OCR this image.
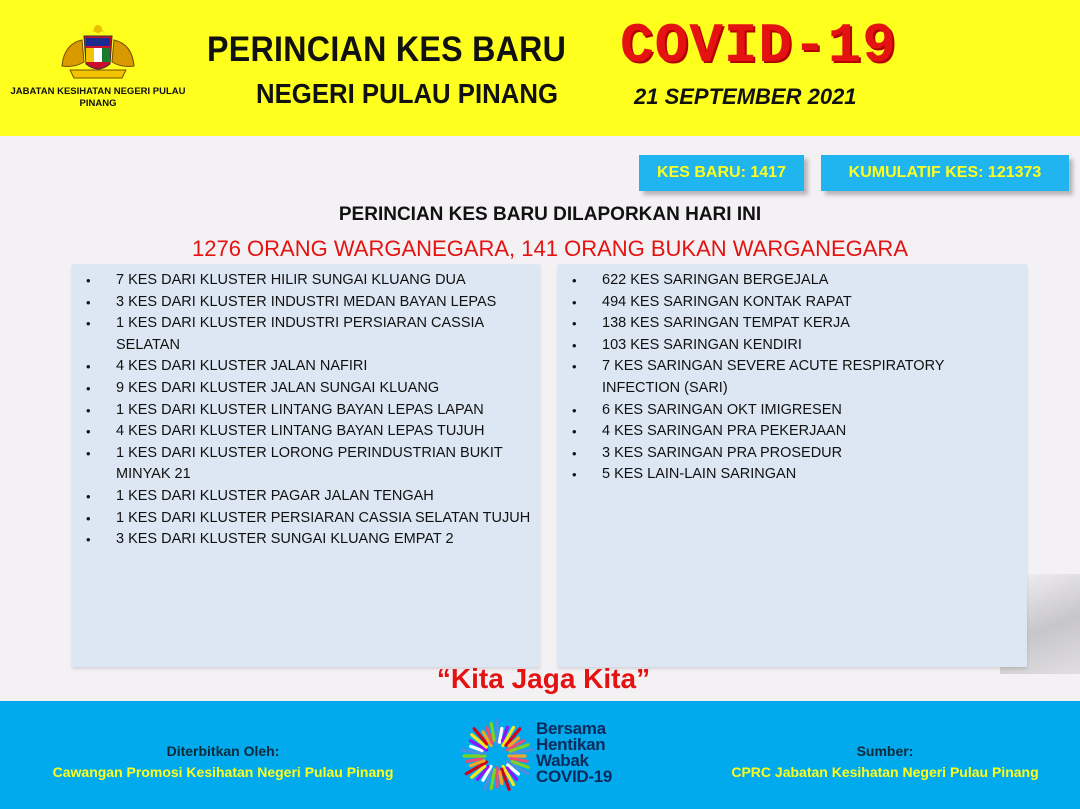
JABATAN KESIHATAN NEGERI PULAU PINANG
PERINCIAN KES BARU COVID-19
NEGERI PULAU PINANG	21 SEPTEMBER 2021
KES BARU: 1417	KUMULATIF KES: 121373
PERINCIAN KES BARU DILAPORKAN HARI INI
1276 ORANG WARGANEGARA, 141 ORANG BUKAN WARGANEGARA
• 7 KES DARI KLUSTER HILIR SUNGAI KLUANG DUA
• 3 KES DARI KLUSTER INDUSTRI MEDAN BAYAN LEPAS
• 1 KES DARI KLUSTER INDUSTRI PERSIARAN CASSIA SELATAN
• 4 KES DARI KLUSTER JALAN NAFIRI
• 9 KES DARI KLUSTER JALAN SUNGAI KLUANG
• 1 KES DARI KLUSTER LINTANG BAYAN LEPAS LAPAN
• 4 KES DARI KLUSTER LINTANG BAYAN LEPAS TUJUH
• 1 KES DARI KLUSTER LORONG PERINDUSTRIAN BUKIT MINYAK 21
• 1 KES DARI KLUSTER PAGAR JALAN TENGAH
• 1 KES DARI KLUSTER PERSIARAN CASSIA SELATAN TUJUH
• 3 KES DARI KLUSTER SUNGAI KLUANG EMPAT 2
• 622 KES SARINGAN BERGEJALA
• 494 KES SARINGAN KONTAK RAPAT
• 138 KES SARINGAN TEMPAT KERJA
• 103 KES SARINGAN KENDIRI
• 7 KES SARINGAN SEVERE ACUTE RESPIRATORY INFECTION (SARI)
• 6 KES SARINGAN OKT IMIGRESEN
• 4 KES SARINGAN PRA PEKERJAAN
• 3 KES SARINGAN PRA PROSEDUR
• 5 KES LAIN-LAIN SARINGAN
“Kita Jaga Kita”
Diterbitkan Oleh:
Cawangan Promosi Kesihatan Negeri Pulau Pinang
Bersama
Hentikan
Wabak
COVID-19
Sumber:
CPRC Jabatan Kesihatan Negeri Pulau Pinang
